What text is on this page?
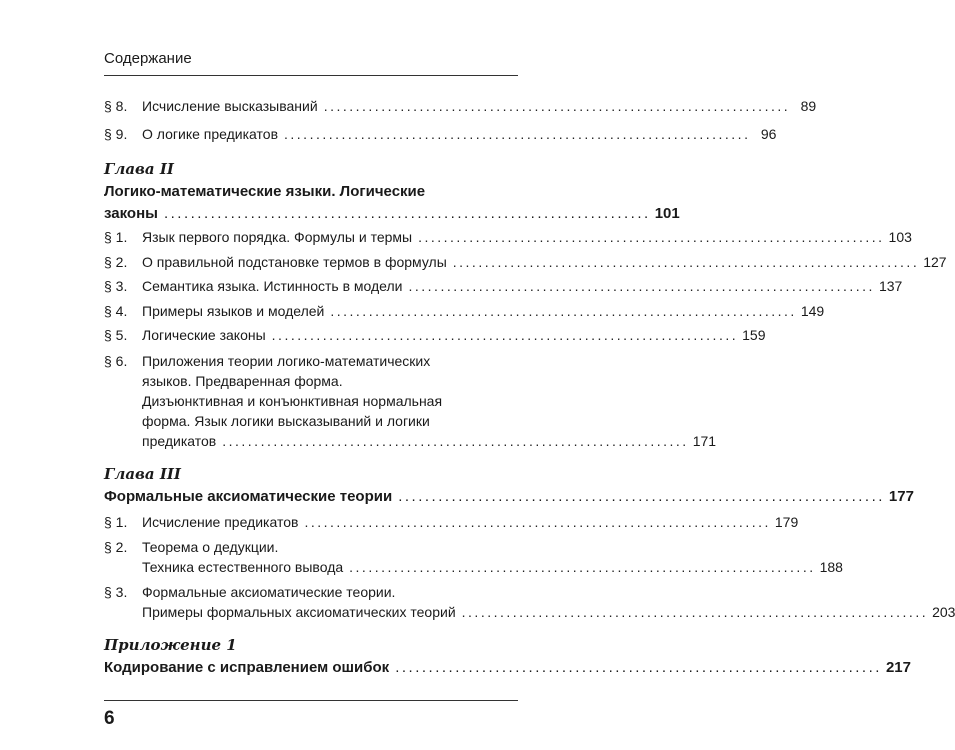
Содержание
§ 8.	Исчисление высказываний ......................................................................... 89
§ 9.	О логике предикатов ......................................................................... 96
Глава II
Логико-математические языки. Логические
законы ......................................................................... 101
§ 1.	Язык первого порядка. Формулы и термы ......................................................................... 103
§ 2.	О правильной подстановке термов в формулы ......................................................................... 127
§ 3.	Семантика языка. Истинность в модели ......................................................................... 137
§ 4.	Примеры языков и моделей ......................................................................... 149
§ 5.	Логические законы ......................................................................... 159
§ 6.	Приложения теории логико-математических
языков. Предваренная форма.
Дизъюнктивная и конъюнктивная нормальная
форма. Язык логики высказываний и логики
предикатов ......................................................................... 171
Глава III
Формальные аксиоматические теории ......................................................................... 177
§ 1.	Исчисление предикатов ......................................................................... 179
§ 2.	Теорема о дедукции.
Техника естественного вывода ......................................................................... 188
§ 3.	Формальные аксиоматические теории.
Примеры формальных аксиоматических теорий ......................................................................... 203
Приложение 1
Кодирование с исправлением ошибок ......................................................................... 217
6
